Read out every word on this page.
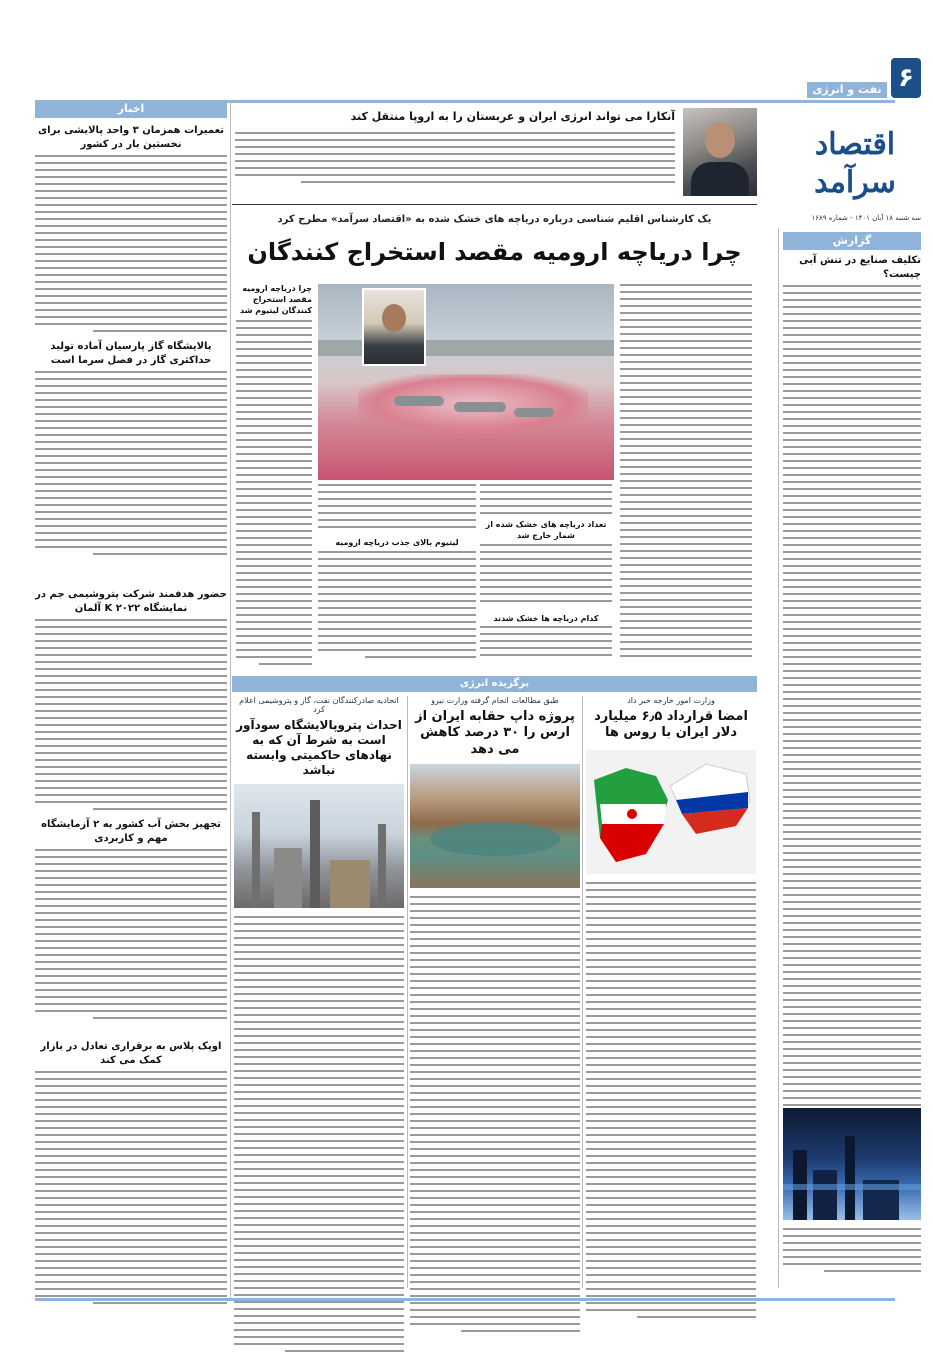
۶
نفت و انرژی
اقتصاد سرآمد
سه شنبه ۱۸ آبان ۱۴۰۱ - شماره ۱۶۸۹
آنکارا می تواند انرژی ایران و عربستان را به اروپا منتقل کند
اخبار
تعمیرات همزمان ۳ واحد پالایشی برای نخستین بار در کشور
پالایشگاه گاز پارسیان آماده تولید حداکثری گاز در فصل سرما است
حضور هدفمند شرکت پتروشیمی جم در نمایشگاه ۲۰۲۲ K آلمان
تجهیز بخش آب کشور به ۲ آزمایشگاه مهم و کاربردی
اوپک پلاس به برقراری تعادل در بازار کمک می کند
گزارش
تکلیف صنایع در تنش آبی چیست؟
یک کارشناس اقلیم شناسی درباره دریاچه های خشک شده به «اقتصاد سرآمد» مطرح کرد
چرا دریاچه ارومیه مقصد استخراج کنندگان
چرا دریاچه ارومیه مقصد استخراج کنندگان لیتیوم شد
تعداد دریاچه های خشک شده از شمار خارج شد
کدام دریاچه ها خشک شدند
لیتیوم بالای جذب دریاچه ارومیه
برگزیده انرژی
وزارت امور خارجه خبر داد
امضا قرارداد ۶٫۵ میلیارد دلار ایران با روس ها
طبق مطالعات انجام گرفته وزارت نیرو
پروژه داپ حقابه ایران از ارس را ۳۰ درصد کاهش می دهد
اتحادیه صادرکنندگان نفت، گاز و پتروشیمی اعلام کرد
احداث پتروپالایشگاه سودآور است به شرط آن که به نهادهای حاکمیتی وابسته نباشد
